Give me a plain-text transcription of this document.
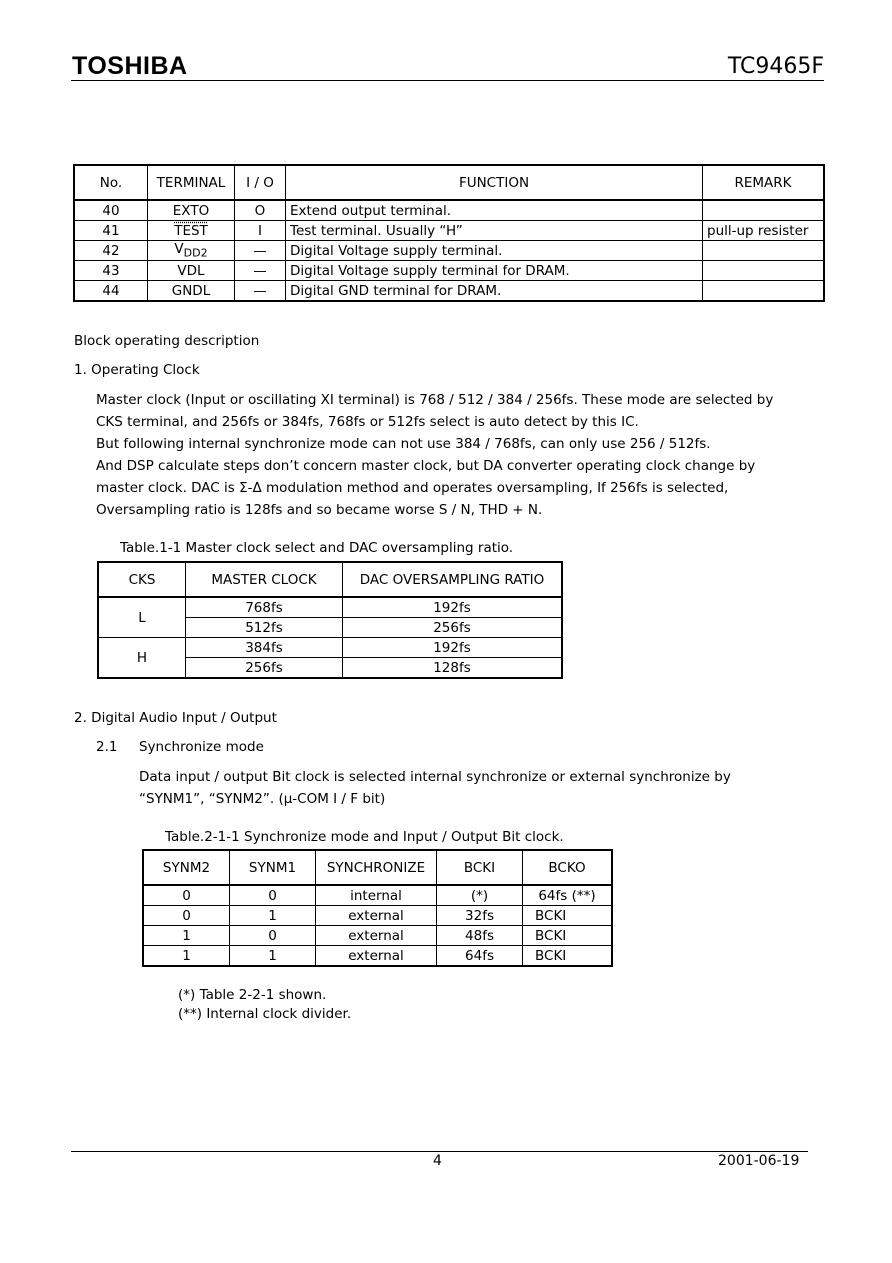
TOSHIBA	TC9465F
No.	TERMINAL	I / O	FUNCTION	REMARK
40	EXTO	O	Extend output terminal.	
41	TEST	I	Test terminal. Usually “H”	pull-up resister
42	$V_{DD2}$	—	Digital Voltage supply terminal.	
43	VDL	—	Digital Voltage supply terminal for DRAM.	
44	GNDL	—	Digital GND terminal for DRAM.	
Block operating description
1. Operating Clock
Master clock (Input or oscillating XI terminal) is 768 / 512 / 384 / 256fs. These mode are selected by
CKS terminal, and 256fs or 384fs, 768fs or 512fs select is auto detect by this IC.
But following internal synchronize mode can not use 384 / 768fs, can only use 256 / 512fs.
And DSP calculate steps don’t concern master clock, but DA converter operating clock change by
master clock. DAC is Σ-Δ modulation method and operates oversampling, If 256fs is selected,
Oversampling ratio is 128fs and so became worse S / N, THD + N.
Table.1-1 Master clock select and DAC oversampling ratio.
CKS	MASTER CLOCK	DAC OVERSAMPLING RATIO
L	768fs	192fs
	512fs	256fs
H	384fs	192fs
	256fs	128fs
2. Digital Audio Input / Output
2.1 Synchronize mode
Data input / output Bit clock is selected internal synchronize or external synchronize by
“SYNM1”, “SYNM2”. (μ-COM I / F bit)
Table.2-1-1 Synchronize mode and Input / Output Bit clock.
SYNM2	SYNM1	SYNCHRONIZE	BCKI	BCKO
0	0	internal	(*)	64fs (**)
0	1	external	32fs	BCKI
1	0	external	48fs	BCKI
1	1	external	64fs	BCKI
(*) Table 2-2-1 shown.
(**) Internal clock divider.
4	2001-06-19
